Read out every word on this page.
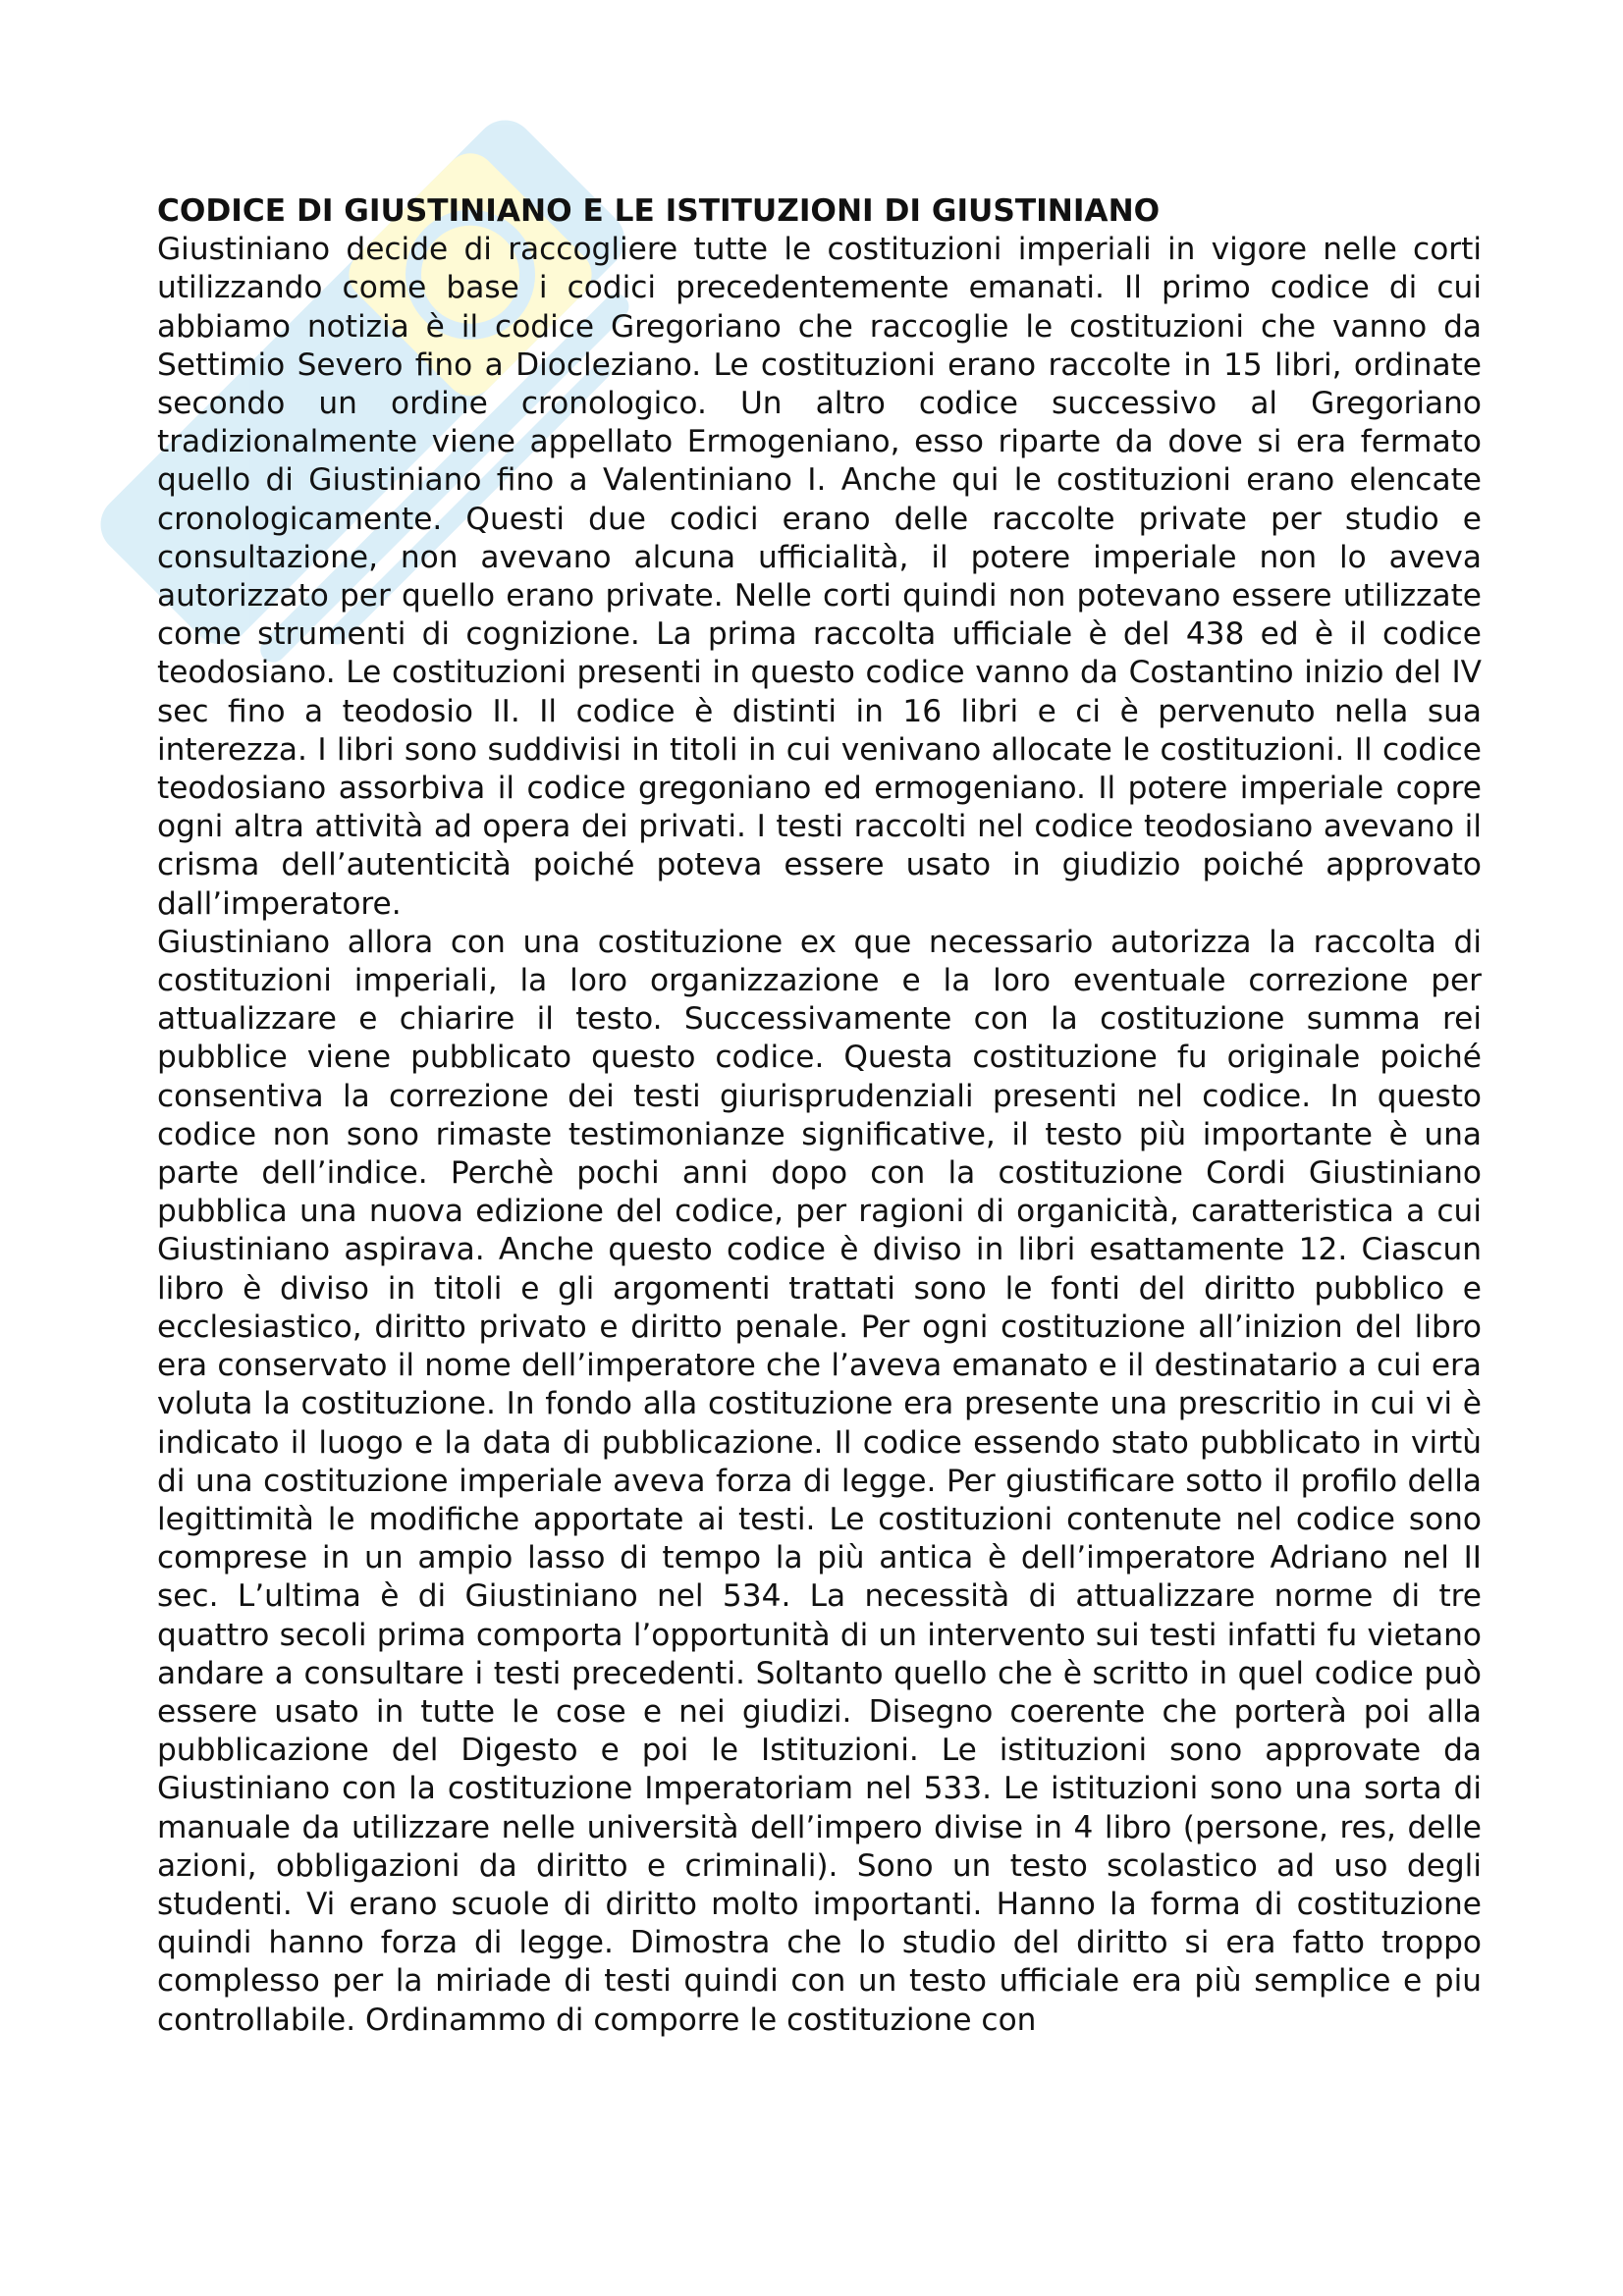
CODICE DI GIUSTINIANO E LE ISTITUZIONI DI GIUSTINIANO

Giustiniano decide di raccogliere tutte le costituzioni imperiali in vigore nelle corti utilizzando come base i codici precedentemente emanati. Il primo codice di cui abbiamo notizia è il codice Gregoriano che raccoglie le costituzioni che vanno da Settimio Severo fino a Diocleziano. Le costituzioni erano raccolte in 15 libri, ordinate secondo un ordine cronologico. Un altro codice successivo al Gregoriano tradizionalmente viene appellato Ermogeniano, esso riparte da dove si era fermato quello di Giustiniano fino a Valentiniano I. Anche qui le costituzioni erano elencate cronologicamente. Questi due codici erano delle raccolte private per studio e consultazione, non avevano alcuna ufficialità, il potere imperiale non lo aveva autorizzato per quello erano private. Nelle corti quindi non potevano essere utilizzate come strumenti di cognizione. La prima raccolta ufficiale è del 438 ed è il codice teodosiano. Le costituzioni presenti in questo codice vanno da Costantino inizio del IV sec fino a teodosio II. Il codice è distinti in 16 libri e ci è pervenuto nella sua interezza. I libri sono suddivisi in titoli in cui venivano allocate le costituzioni. Il codice teodosiano assorbiva il codice gregoniano ed ermogeniano. Il potere imperiale copre ogni altra attività ad opera dei privati. I testi raccolti nel codice teodosiano avevano il crisma dell’autenticità poiché poteva essere usato in giudizio poiché approvato dall’imperatore.

Giustiniano allora con una costituzione ex que necessario autorizza la raccolta di costituzioni imperiali, la loro organizzazione e la loro eventuale correzione per attualizzare e chiarire il testo. Successivamente con la costituzione summa rei pubblice viene pubblicato questo codice. Questa costituzione fu originale poiché consentiva la correzione dei testi giurisprudenziali presenti nel codice. In questo codice non sono rimaste testimonianze significative, il testo più importante è una parte dell’indice. Perchè pochi anni dopo con la costituzione Cordi Giustiniano pubblica una nuova edizione del codice, per ragioni di organicità, caratteristica a cui Giustiniano aspirava. Anche questo codice è diviso in libri esattamente 12. Ciascun libro è diviso in titoli e gli argomenti trattati sono le fonti del diritto pubblico e ecclesiastico, diritto privato e diritto penale. Per ogni costituzione all’inizion del libro era conservato il nome dell’imperatore che l’aveva emanato e il destinatario a cui era voluta la costituzione. In fondo alla costituzione era presente una prescritio in cui vi è indicato il luogo e la data di pubblicazione. Il codice essendo stato pubblicato in virtù di una costituzione imperiale aveva forza di legge. Per giustificare sotto il profilo della legittimità le modifiche apportate ai testi. Le costituzioni contenute nel codice sono comprese in un ampio lasso di tempo la più antica è dell’imperatore Adriano nel II sec. L’ultima è di Giustiniano nel 534. La necessità di attualizzare norme di tre quattro secoli prima comporta l’opportunità di un intervento sui testi infatti fu vietano andare a consultare i testi precedenti. Soltanto quello che è scritto in quel codice può essere usato in tutte le cose e nei giudizi. Disegno coerente che porterà poi alla pubblicazione del Digesto e poi le Istituzioni. Le istituzioni sono approvate da Giustiniano con la costituzione Imperatoriam nel 533. Le istituzioni sono una sorta di manuale da utilizzare nelle università dell’impero divise in 4 libro (persone, res, delle azioni, obbligazioni da diritto e criminali). Sono un testo scolastico ad uso degli studenti. Vi erano scuole di diritto molto importanti. Hanno la forma di costituzione quindi hanno forza di legge. Dimostra che lo studio del diritto si era fatto troppo complesso per la miriade di testi quindi con un testo ufficiale era più semplice e piu controllabile. Ordinammo di comporre le costituzione con
